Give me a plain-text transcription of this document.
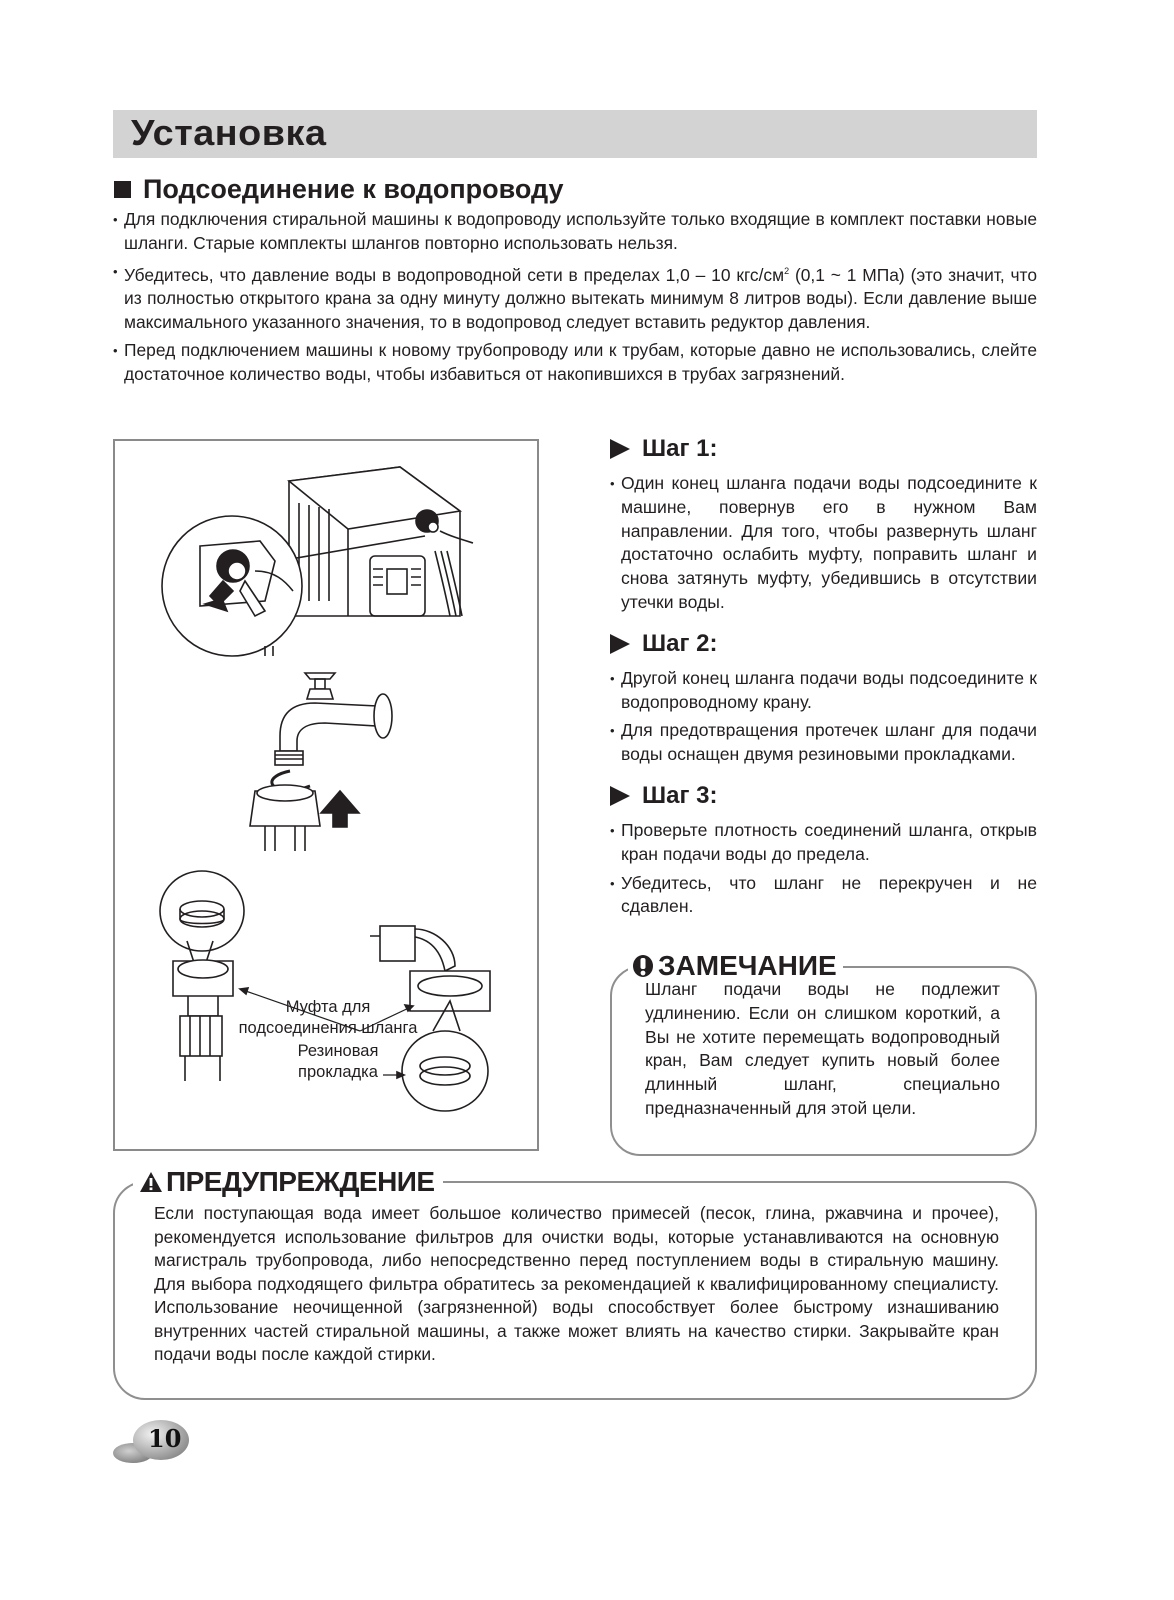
Установка
Подсоединение к водопроводу
• Для подключения стиральной машины к водопроводу используйте только входящие в комплект поставки новые шланги. Старые комплекты шлангов повторно использовать нельзя.
• Убедитесь, что давление воды в водопроводной сети в пределах 1,0 – 10 кгс/$см^2$ (0,1 ~ 1 МПа) (это значит, что из полностью открытого крана за одну минуту должно вытекать минимум 8 литров воды). Если давление выше максимального указанного значения, то в водопровод следует вставить редуктор давления.
• Перед подключением машины к новому трубопроводу или к трубам, которые давно не использовались, слейте достаточное количество воды, чтобы избавиться от накопившихся в трубах загрязнений.
Муфта для подсоединения шланга
Резиновая прокладка
Шаг 1:
• Один конец шланга подачи воды подсоедините к машине, повернув его в нужном Вам направлении. Для того, чтобы развернуть шланг достаточно ослабить муфту, поправить шланг и снова затянуть муфту, убедившись в отсутствии утечки воды.
Шаг 2:
• Другой конец шланга подачи воды подсоедините к водопроводному крану.
• Для предотвращения протечек шланг для подачи воды оснащен двумя резиновыми прокладками.
Шаг 3:
• Проверьте плотность соединений шланга, открыв кран подачи воды до предела.
• Убедитесь, что шланг не перекручен и не сдавлен.
ЗАМЕЧАНИЕ
Шланг подачи воды не подлежит удлинению. Если он слишком короткий, а Вы не хотите перемещать водопроводный кран, Вам следует купить новый более длинный шланг, специально предназначенный для этой цели.
ПРЕДУПРЕЖДЕНИЕ
Если поступающая вода имеет большое количество примесей (песок, глина, ржавчина и прочее), рекомендуется использование фильтров для очистки воды, которые устанавливаются на основную магистраль трубопровода, либо непосредственно перед поступлением воды в стиральную машину. Для выбора подходящего фильтра обратитесь за рекомендацией к квалифицированному специалисту. Использование неочищенной (загрязненной) воды способствует более быстрому изнашиванию внутренних частей стиральной машины, а также может влиять на качество стирки. Закрывайте кран подачи воды после каждой стирки.
10
